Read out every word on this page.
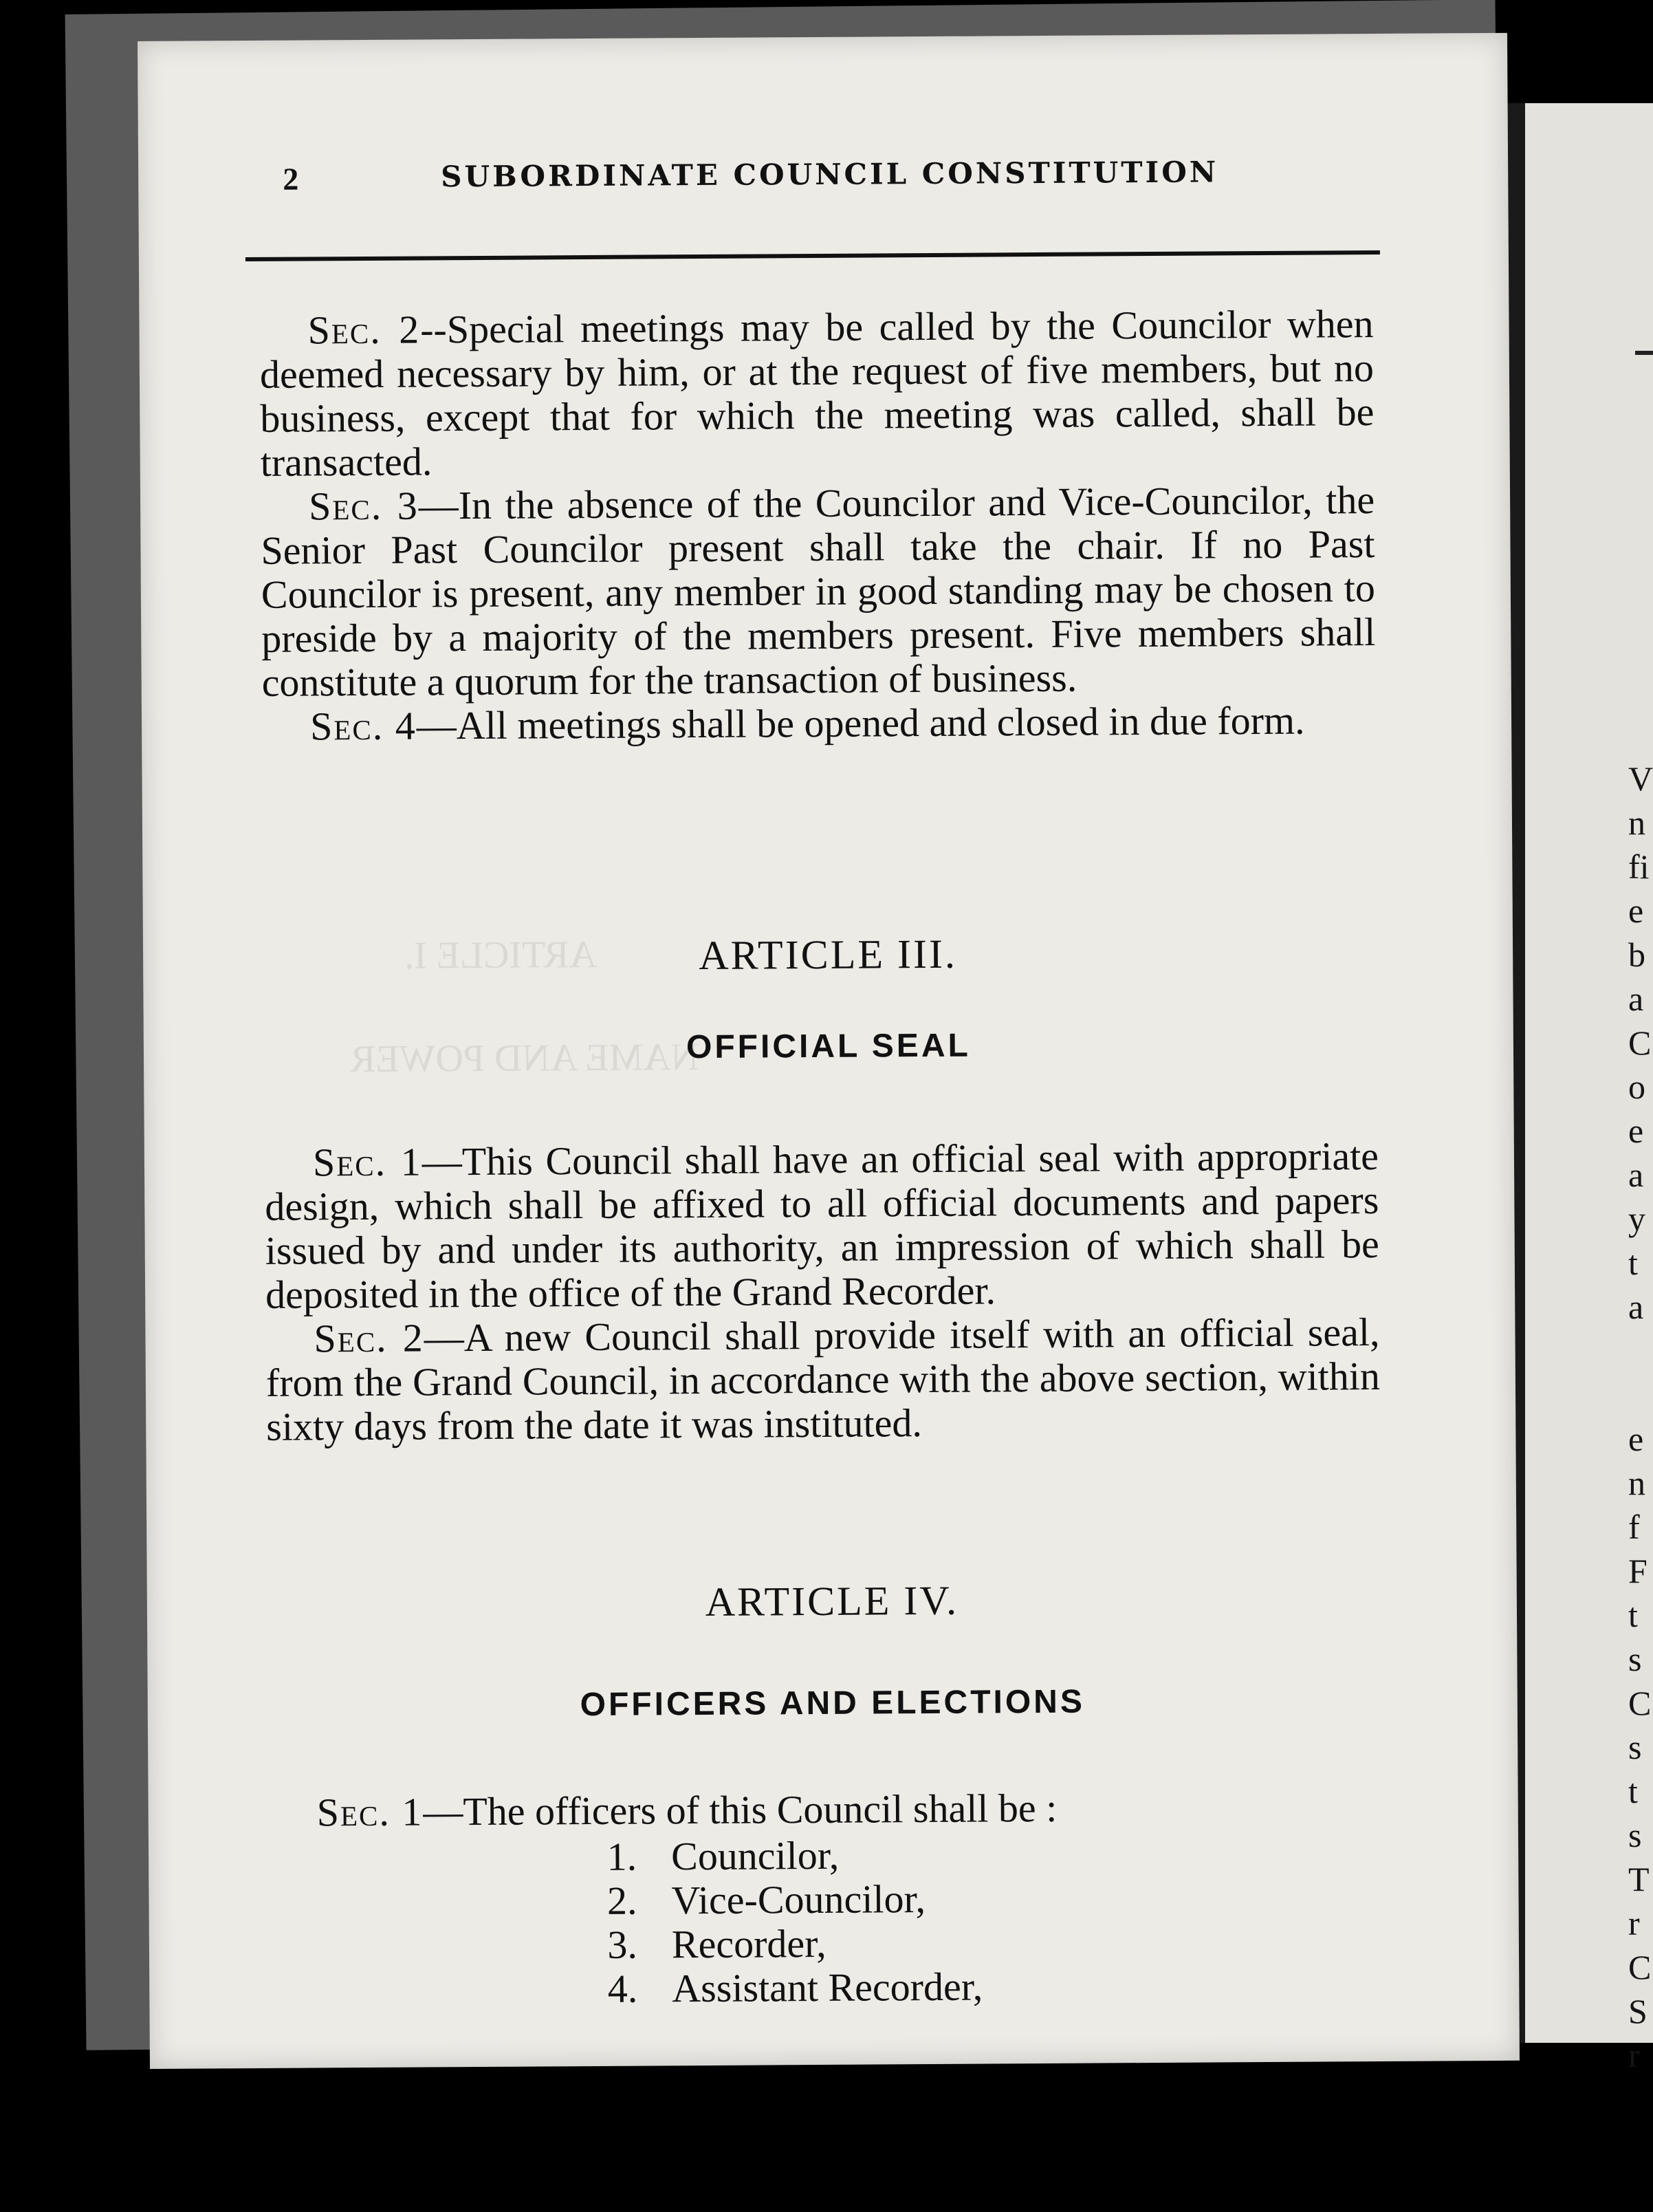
V
n
fi
e
b
a
C
o
e
a
y
t
a

e
n
f
F
t
s
C
s
t
s
T
r
C
S
r
ARTICLE I.
NAME AND POWER
2	SUBORDINATE COUNCIL CONSTITUTION

Sec. 2--Special meetings may be called by the Councilor when deemed necessary by him, or at the request of five members, but no business, except that for which the meeting was called, shall be transacted.

Sec. 3—In the absence of the Councilor and Vice-Councilor, the Senior Past Councilor present shall take the chair. If no Past Councilor is present, any member in good standing may be chosen to preside by a majority of the members present. Five members shall constitute a quorum for the transaction of business.

Sec. 4—All meetings shall be opened and closed in due form.

ARTICLE III.
OFFICIAL SEAL

Sec. 1—This Council shall have an official seal with appropriate design, which shall be affixed to all official documents and papers issued by and under its authority, an impression of which shall be deposited in the office of the Grand Recorder.

Sec. 2—A new Council shall provide itself with an official seal, from the Grand Council, in accordance with the above section, within sixty days from the date it was instituted.

ARTICLE IV.
OFFICERS AND ELECTIONS

Sec. 1—The officers of this Council shall be :

1. Councilor,
2. Vice-Councilor,
3. Recorder,
4. Assistant Recorder,
